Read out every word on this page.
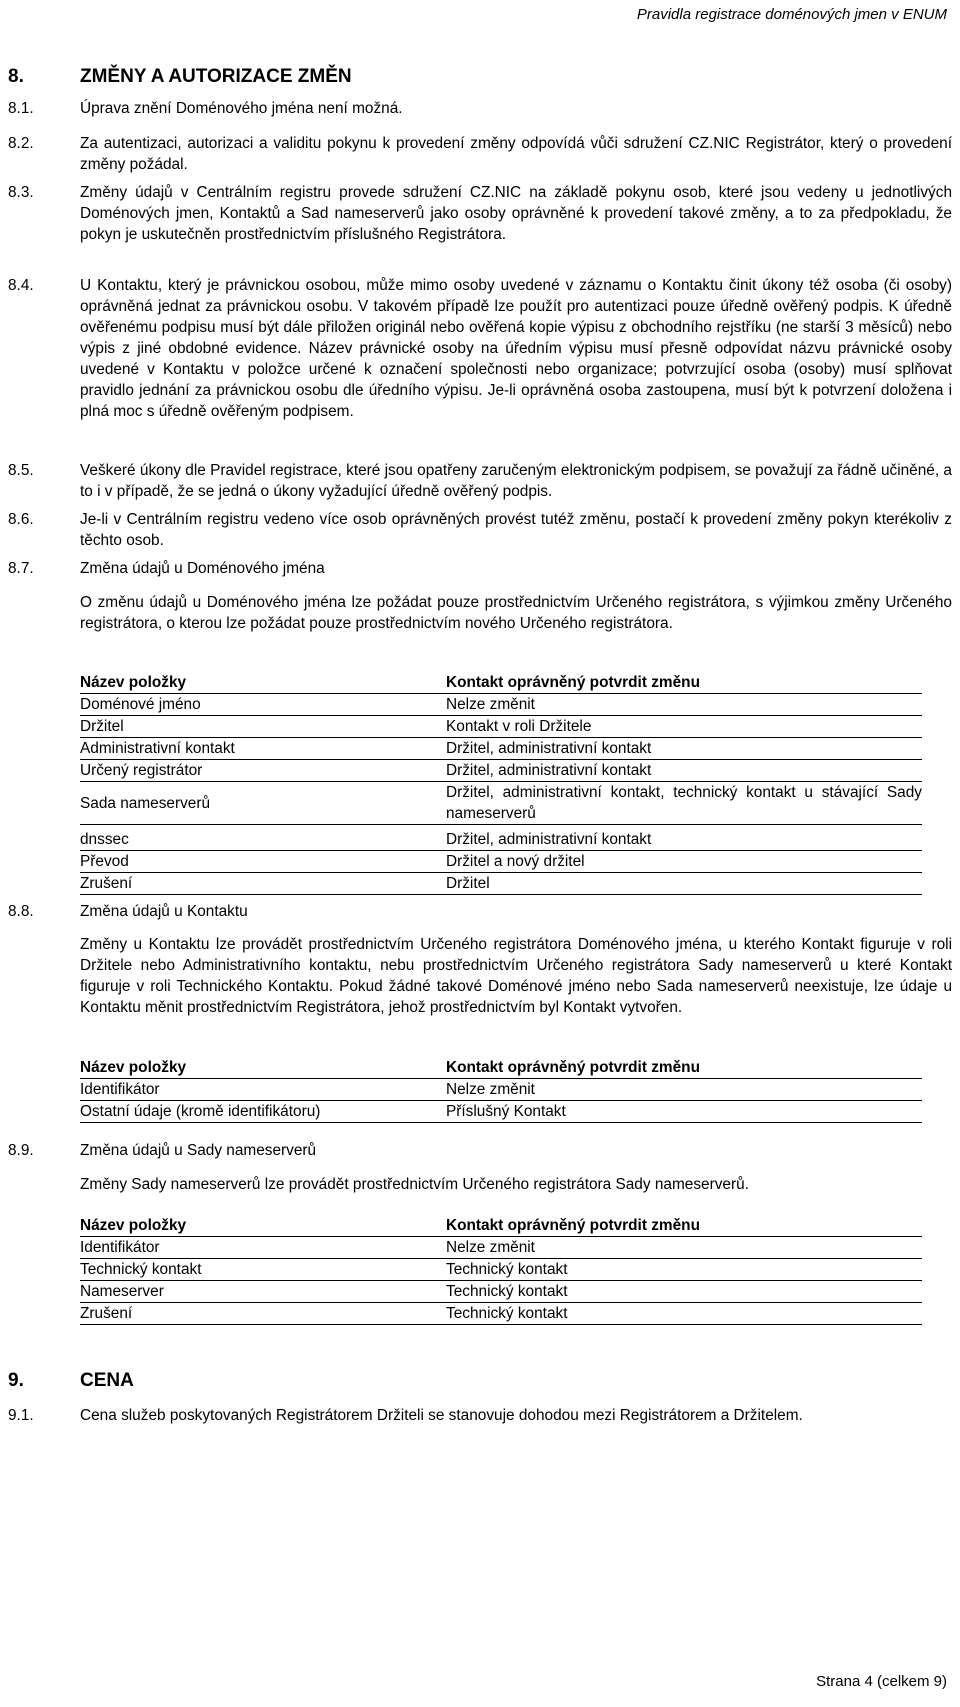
Pravidla registrace doménových jmen v ENUM
8.	ZMĚNY A AUTORIZACE ZMĚN
8.1.	Úprava znění Doménového jména není možná.
8.2.	Za autentizaci, autorizaci a validitu pokynu k provedení změny odpovídá vůči sdružení CZ.NIC Registrátor, který o provedení změny požádal.
8.3.	Změny údajů v Centrálním registru provede sdružení CZ.NIC na základě pokynu osob, které jsou vedeny u jednotlivých Doménových jmen, Kontaktů a Sad nameserverů jako osoby oprávněné k provedení takové změny, a to za předpokladu, že pokyn je uskutečněn prostřednictvím příslušného Registrátora.
8.4.	U Kontaktu, který je právnickou osobou, může mimo osoby uvedené v záznamu o Kontaktu činit úkony též osoba (či osoby) oprávněná jednat za právnickou osobu. V takovém případě lze použít pro autentizaci pouze úředně ověřený podpis. K úředně ověřenému podpisu musí být dále přiložen originál nebo ověřená kopie výpisu z obchodního rejstříku (ne starší 3 měsíců) nebo výpis z jiné obdobné evidence. Název právnické osoby na úředním výpisu musí přesně odpovídat názvu právnické osoby uvedené v Kontaktu v položce určené k označení společnosti nebo organizace; potvrzující osoba (osoby) musí splňovat pravidlo jednání za právnickou osobu dle úředního výpisu. Je-li oprávněná osoba zastoupena, musí být k potvrzení doložena i plná moc s úředně ověřeným podpisem.
8.5.	Veškeré úkony dle Pravidel registrace, které jsou opatřeny zaručeným elektronickým podpisem, se považují za řádně učiněné, a to i v případě, že se jedná o úkony vyžadující úředně ověřený podpis.
8.6.	Je-li v Centrálním registru vedeno více osob oprávněných provést tutéž změnu, postačí k provedení změny pokyn kterékoliv z těchto osob.
8.7.	Změna údajů u Doménového jména
O změnu údajů u Doménového jména lze požádat pouze prostřednictvím Určeného registrátora, s výjimkou změny Určeného registrátora, o kterou lze požádat pouze prostřednictvím nového Určeného registrátora.
Název položky	Kontakt oprávněný potvrdit změnu
Doménové jméno	Nelze změnit
Držitel	Kontakt v roli Držitele
Administrativní kontakt	Držitel, administrativní kontakt
Určený registrátor	Držitel, administrativní kontakt
Sada nameserverů	Držitel, administrativní kontakt, technický kontakt u stávající Sady nameserverů

dnssec	Držitel, administrativní kontakt
Převod	Držitel a nový držitel
Zrušení	Držitel
8.8.	Změna údajů u Kontaktu
Změny u Kontaktu lze provádět prostřednictvím Určeného registrátora Doménového jména, u kterého Kontakt figuruje v roli Držitele nebo Administrativního kontaktu, nebu prostřednictvím Určeného registrátora Sady nameserverů u které Kontakt figuruje v roli Technického Kontaktu. Pokud žádné takové Doménové jméno nebo Sada nameserverů neexistuje, lze údaje u Kontaktu měnit prostřednictvím Registrátora, jehož prostřednictvím byl Kontakt vytvořen.
Název položky	Kontakt oprávněný potvrdit změnu
Identifikátor	Nelze změnit
Ostatní údaje (kromě identifikátoru)	Příslušný Kontakt
8.9.	Změna údajů u Sady nameserverů
Změny Sady nameserverů lze provádět prostřednictvím Určeného registrátora Sady nameserverů.
Název položky	Kontakt oprávněný potvrdit změnu
Identifikátor	Nelze změnit
Technický kontakt	Technický kontakt
Nameserver	Technický kontakt
Zrušení	Technický kontakt
9.	CENA
9.1.	Cena služeb poskytovaných Registrátorem Držiteli se stanovuje dohodou mezi Registrátorem a Držitelem.
Strana 4 (celkem 9)
